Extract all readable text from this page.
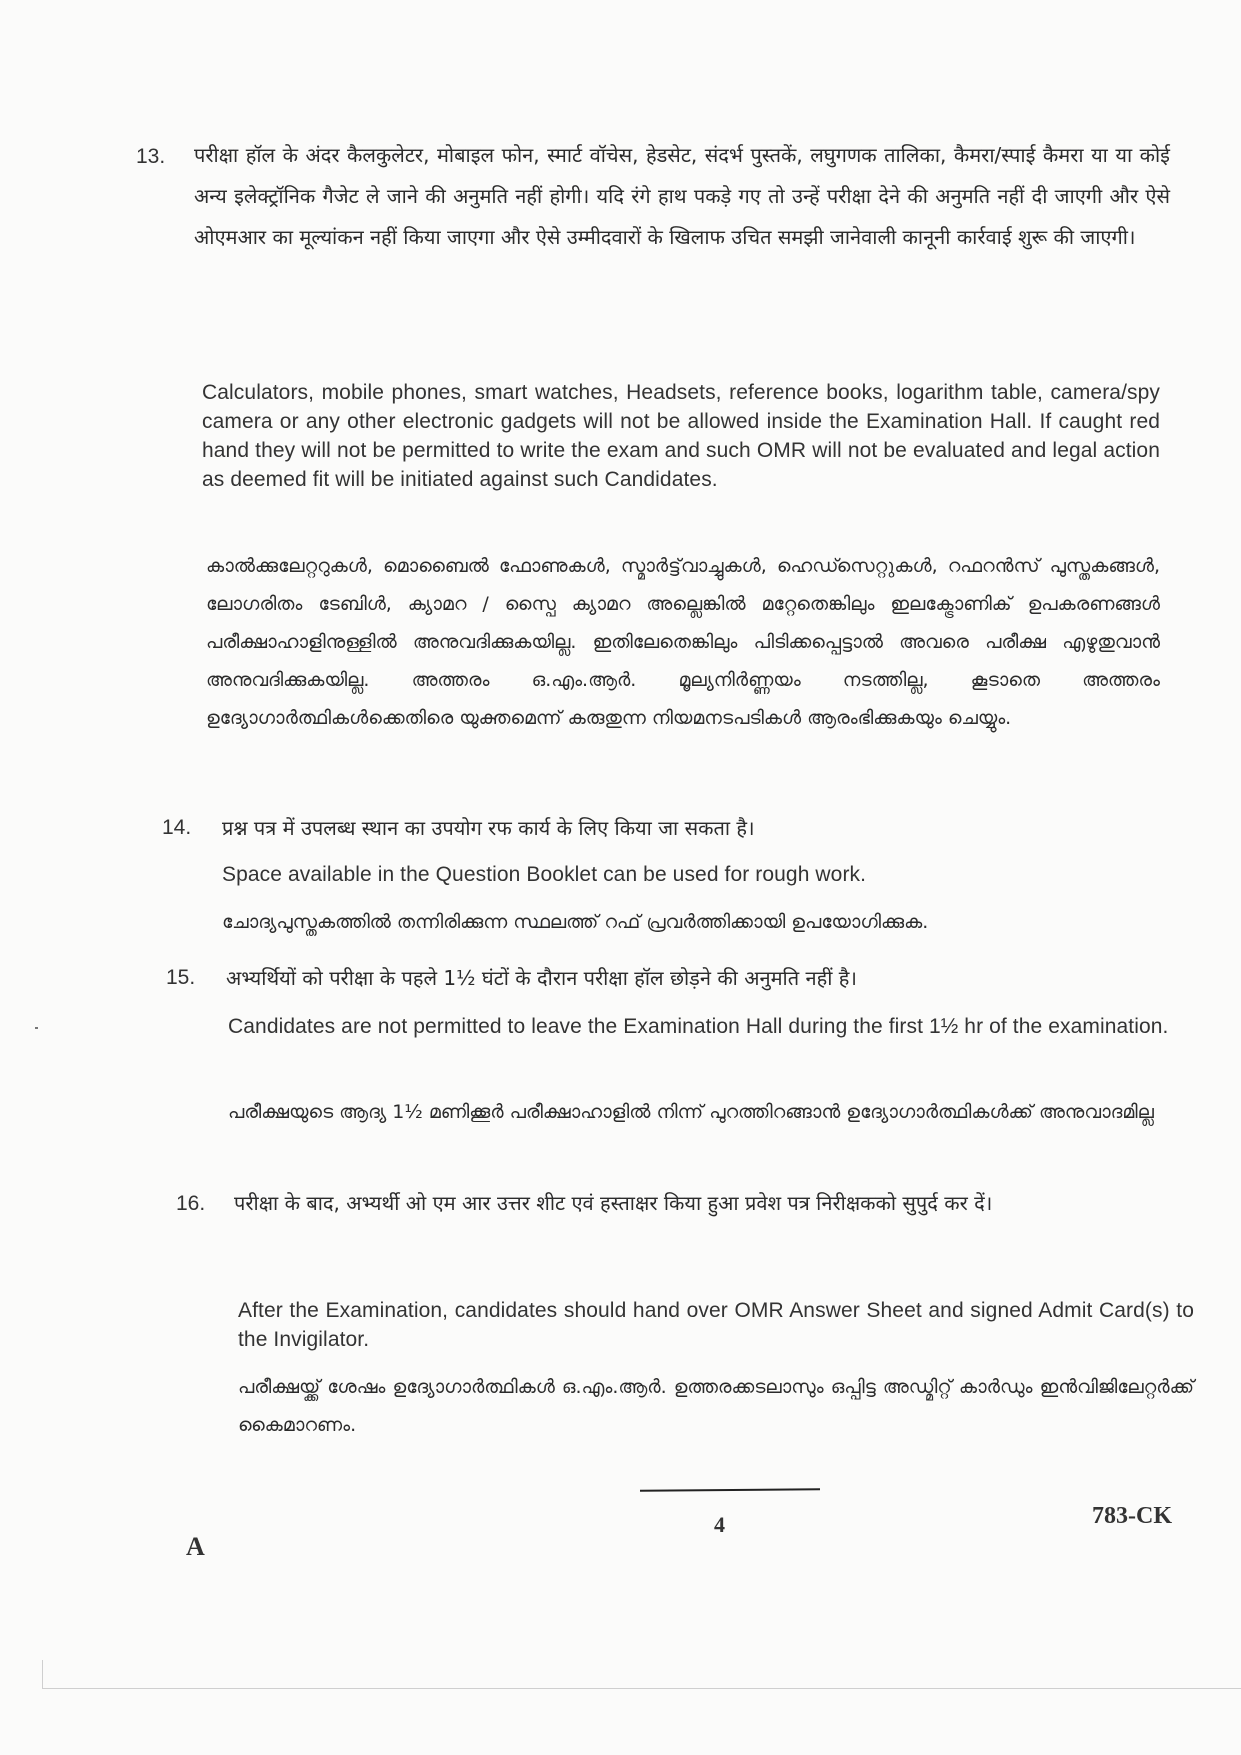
13. परीक्षा हॉल के अंदर कैलकुलेटर, मोबाइल फोन, स्मार्ट वॉचेस, हेडसेट, संदर्भ पुस्तकें, लघुगणक तालिका, कैमरा/स्पाई कैमरा या या कोई अन्य इलेक्ट्रॉनिक गैजेट ले जाने की अनुमति नहीं होगी। यदि रंगे हाथ पकड़े गए तो उन्हें परीक्षा देने की अनुमति नहीं दी जाएगी और ऐसे ओएमआर का मूल्यांकन नहीं किया जाएगा और ऐसे उम्मीदवारों के खिलाफ उचित समझी जानेवाली कानूनी कार्रवाई शुरू की जाएगी।
Calculators, mobile phones, smart watches, Headsets, reference books, logarithm table, camera/spy camera or any other electronic gadgets will not be allowed inside the Examination Hall. If caught red hand they will not be permitted to write the exam and such OMR will not be evaluated and legal action as deemed fit will be initiated against such Candidates.
കാൽക്കുലേറ്ററുകൾ, മൊബൈൽ ഫോണുകൾ, സ്മാർട്ട്‌വാച്ചുകൾ, ഹെഡ്സെറ്റുകൾ, റഫറൻസ് പുസ്തകങ്ങൾ, ലോഗരിതം ടേബിൾ, ക്യാമറ / സ്പൈ ക്യാമറ അല്ലെങ്കിൽ മറ്റേതെങ്കിലും ഇലക്ട്രോണിക് ഉപകരണങ്ങൾ പരീക്ഷാഹാളിനുള്ളിൽ അനുവദിക്കുകയില്ല. ഇതിലേതെങ്കിലും പിടിക്കപ്പെട്ടാൽ അവരെ പരീക്ഷ എഴുതുവാൻ അനുവദിക്കുകയില്ല. അത്തരം ഒ.എം.ആർ. മൂല്യനിർണ്ണയം നടത്തില്ല, കൂടാതെ അത്തരം ഉദ്യോഗാർത്ഥികൾക്കെതിരെ യുക്തമെന്ന് കരുതുന്ന നിയമനടപടികൾ ആരംഭിക്കുകയും ചെയ്യും.
14. प्रश्न पत्र में उपलब्ध स्थान का उपयोग रफ कार्य के लिए किया जा सकता है।
Space available in the Question Booklet can be used for rough work.
ചോദ്യപുസ്തകത്തിൽ തന്നിരിക്കുന്ന സ്ഥലത്ത് റഫ് പ്രവർത്തിക്കായി ഉപയോഗിക്കുക.
15. अभ्यर्थियों को परीक्षा के पहले 1½ घंटों के दौरान परीक्षा हॉल छोड़ने की अनुमति नहीं है।
Candidates are not permitted to leave the Examination Hall during the first 1½ hr of the examination.
പരീക്ഷയുടെ ആദ്യ 1½ മണിക്കൂർ പരീക്ഷാഹാളിൽ നിന്ന് പുറത്തിറങ്ങാൻ ഉദ്യോഗാർത്ഥികൾക്ക് അനുവാദമില്ല
16. परीक्षा के बाद, अभ्यर्थी ओ एम आर उत्तर शीट एवं हस्ताक्षर किया हुआ प्रवेश पत्र निरीक्षकको सुपुर्द कर दें।
After the Examination, candidates should hand over OMR Answer Sheet and signed Admit Card(s) to the Invigilator.
പരീക്ഷയ്ക്ക് ശേഷം ഉദ്യോഗാർത്ഥികൾ ഒ.എം.ആർ. ഉത്തരക്കടലാസും ഒപ്പിട്ട അഡ്മിറ്റ് കാർഡും ഇൻവിജിലേറ്റർക്ക് കൈമാറണം.
4	783-CK
A
